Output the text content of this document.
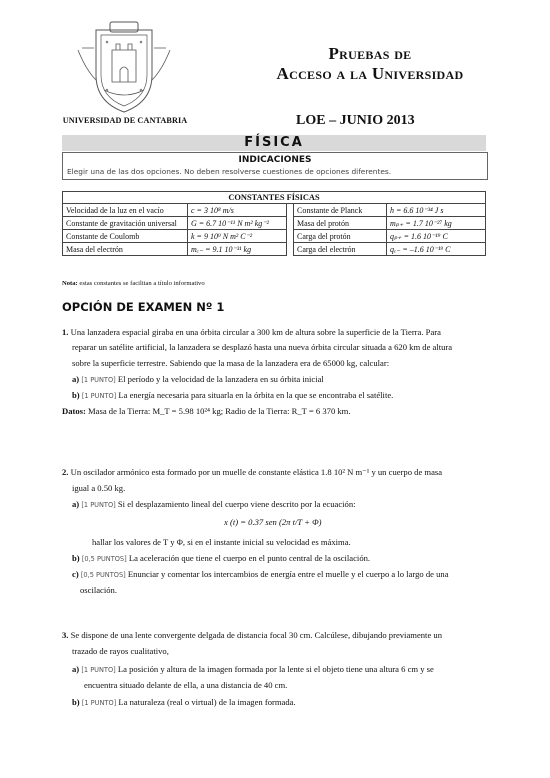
UNIVERSIDAD DE CANTABRIA
Pruebas de
Acceso a la Universidad
LOE – JUNIO 2013
FÍSICA
INDICACIONES
Elegir una de las dos opciones. No deben resolverse cuestiones de opciones diferentes.
CONSTANTES FÍSICAS				
Velocidad de la luz en el vacío	c = 3 10⁸ m/s		Constante de Planck	h = 6.6 10⁻³⁴ J s
Constante de gravitación universal	G = 6.7 10⁻¹¹ N m² kg⁻²		Masa del protón	mₚ₊ = 1.7 10⁻²⁷ kg
Constante de Coulomb	k = 9 10⁹ N m² C⁻²		Carga del protón	qₚ₊ = 1.6 10⁻¹⁹ C
Masa del electrón	mₑ₋ = 9.1 10⁻³¹ kg		Carga del electrón	qₑ₋ = –1.6 10⁻¹⁹ C
Nota: estas constantes se facilitan a título informativo
OPCIÓN DE EXAMEN Nº 1
1. Una lanzadera espacial giraba en una órbita circular a 300 km de altura sobre la superficie de la Tierra. Para
reparar un satélite artificial, la lanzadera se desplazó hasta una nueva órbita circular situada a 620 km de altura
sobre la superficie terrestre. Sabiendo que la masa de la lanzadera era de 65000 kg, calcular:
a) [1 PUNTO] El período y la velocidad de la lanzadera en su órbita inicial
b) [1 PUNTO] La energía necesaria para situarla en la órbita en la que se encontraba el satélite.
Datos: Masa de la Tierra: M_T = 5.98 10²⁴ kg; Radio de la Tierra: R_T = 6 370 km.
2. Un oscilador armónico esta formado por un muelle de constante elástica 1.8 10² N m⁻¹ y un cuerpo de masa
igual a 0.50 kg.
a) [1 PUNTO] Si el desplazamiento lineal del cuerpo viene descrito por la ecuación:
x (t) = 0.37 sen (2π t/T + Φ)
hallar los valores de T y Φ, si en el instante inicial su velocidad es máxima.
b) [0,5 PUNTOS] La aceleración que tiene el cuerpo en el punto central de la oscilación.
c) [0,5 PUNTOS] Enunciar y comentar los intercambios de energía entre el muelle y el cuerpo a lo largo de una
oscilación.
3. Se dispone de una lente convergente delgada de distancia focal 30 cm. Calcúlese, dibujando previamente un
trazado de rayos cualitativo,
a) [1 PUNTO] La posición y altura de la imagen formada por la lente si el objeto tiene una altura 6 cm y se
encuentra situado delante de ella, a una distancia de 40 cm.
b) [1 PUNTO] La naturaleza (real o virtual) de la imagen formada.
